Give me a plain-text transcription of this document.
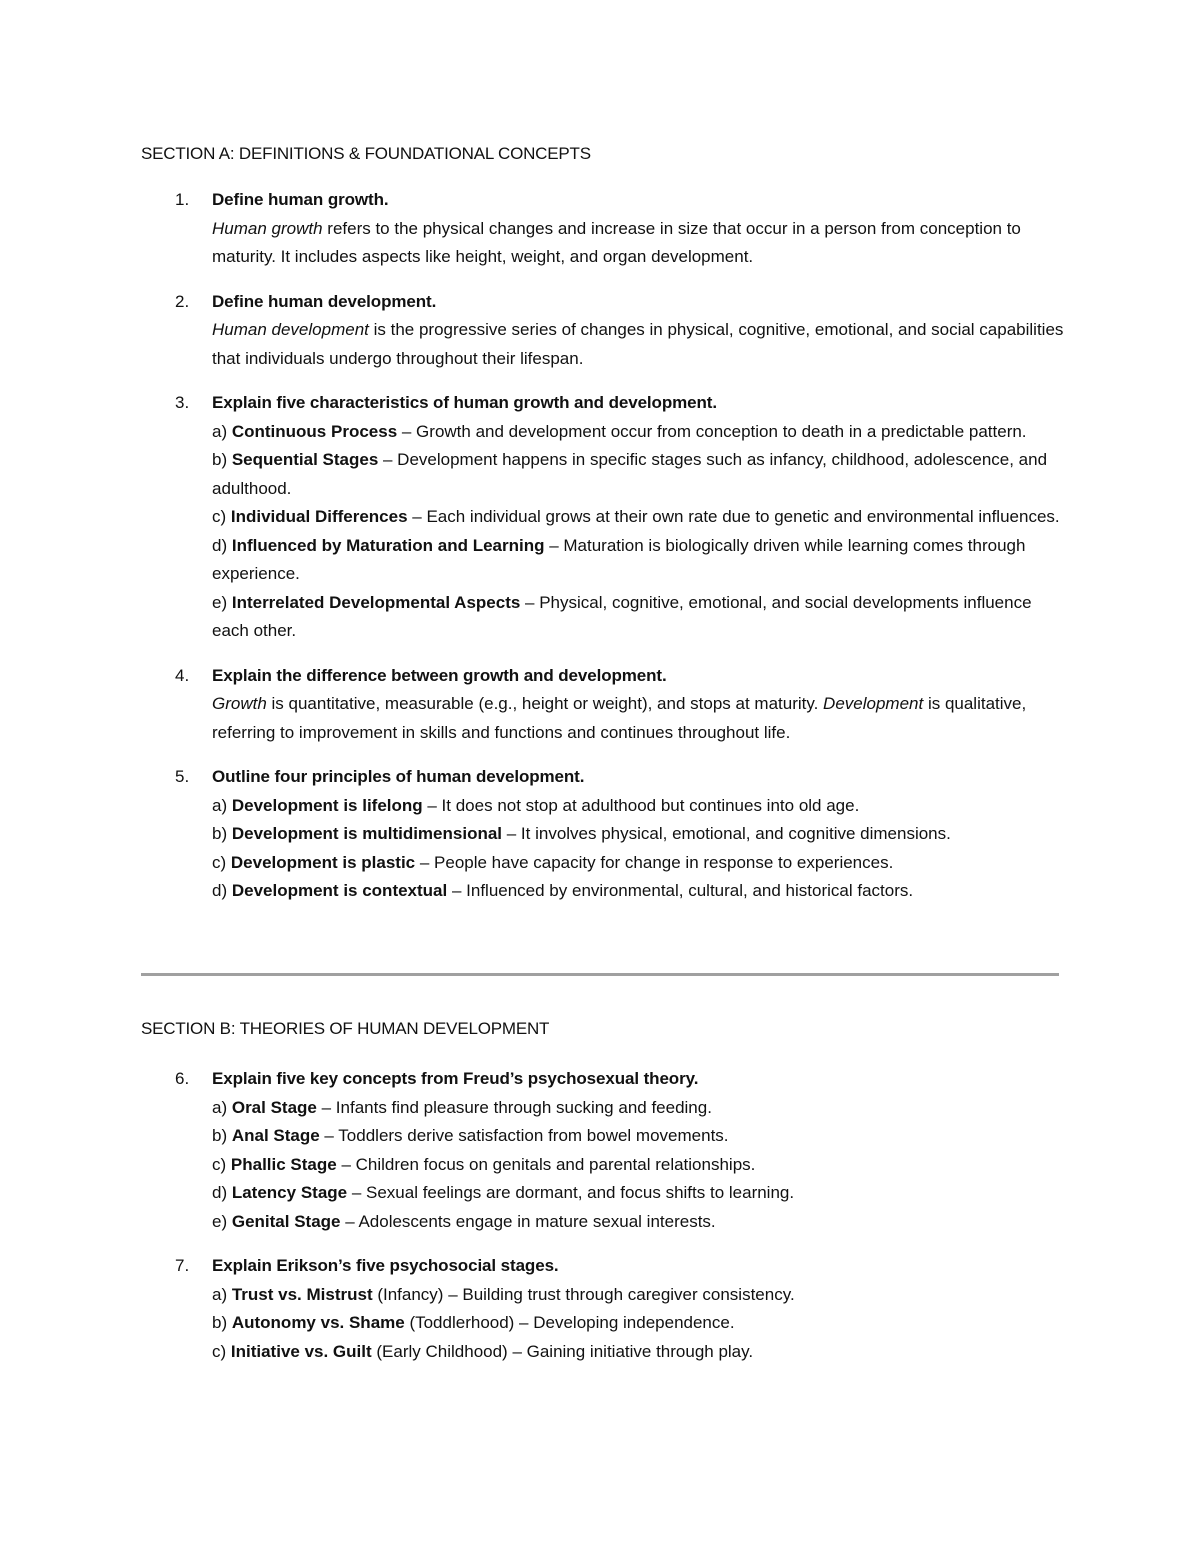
SECTION A: DEFINITIONS & FOUNDATIONAL CONCEPTS
1. Define human growth.
Human growth refers to the physical changes and increase in size that occur in a person from conception to maturity. It includes aspects like height, weight, and organ development.
2. Define human development.
Human development is the progressive series of changes in physical, cognitive, emotional, and social capabilities that individuals undergo throughout their lifespan.
3. Explain five characteristics of human growth and development.
a) Continuous Process – Growth and development occur from conception to death in a predictable pattern.
b) Sequential Stages – Development happens in specific stages such as infancy, childhood, adolescence, and adulthood.
c) Individual Differences – Each individual grows at their own rate due to genetic and environmental influences.
d) Influenced by Maturation and Learning – Maturation is biologically driven while learning comes through experience.
e) Interrelated Developmental Aspects – Physical, cognitive, emotional, and social developments influence each other.
4. Explain the difference between growth and development.
Growth is quantitative, measurable (e.g., height or weight), and stops at maturity. Development is qualitative, referring to improvement in skills and functions and continues throughout life.
5. Outline four principles of human development.
a) Development is lifelong – It does not stop at adulthood but continues into old age.
b) Development is multidimensional – It involves physical, emotional, and cognitive dimensions.
c) Development is plastic – People have capacity for change in response to experiences.
d) Development is contextual – Influenced by environmental, cultural, and historical factors.
SECTION B: THEORIES OF HUMAN DEVELOPMENT
6. Explain five key concepts from Freud’s psychosexual theory.
a) Oral Stage – Infants find pleasure through sucking and feeding.
b) Anal Stage – Toddlers derive satisfaction from bowel movements.
c) Phallic Stage – Children focus on genitals and parental relationships.
d) Latency Stage – Sexual feelings are dormant, and focus shifts to learning.
e) Genital Stage – Adolescents engage in mature sexual interests.
7. Explain Erikson’s five psychosocial stages.
a) Trust vs. Mistrust (Infancy) – Building trust through caregiver consistency.
b) Autonomy vs. Shame (Toddlerhood) – Developing independence.
c) Initiative vs. Guilt (Early Childhood) – Gaining initiative through play.
